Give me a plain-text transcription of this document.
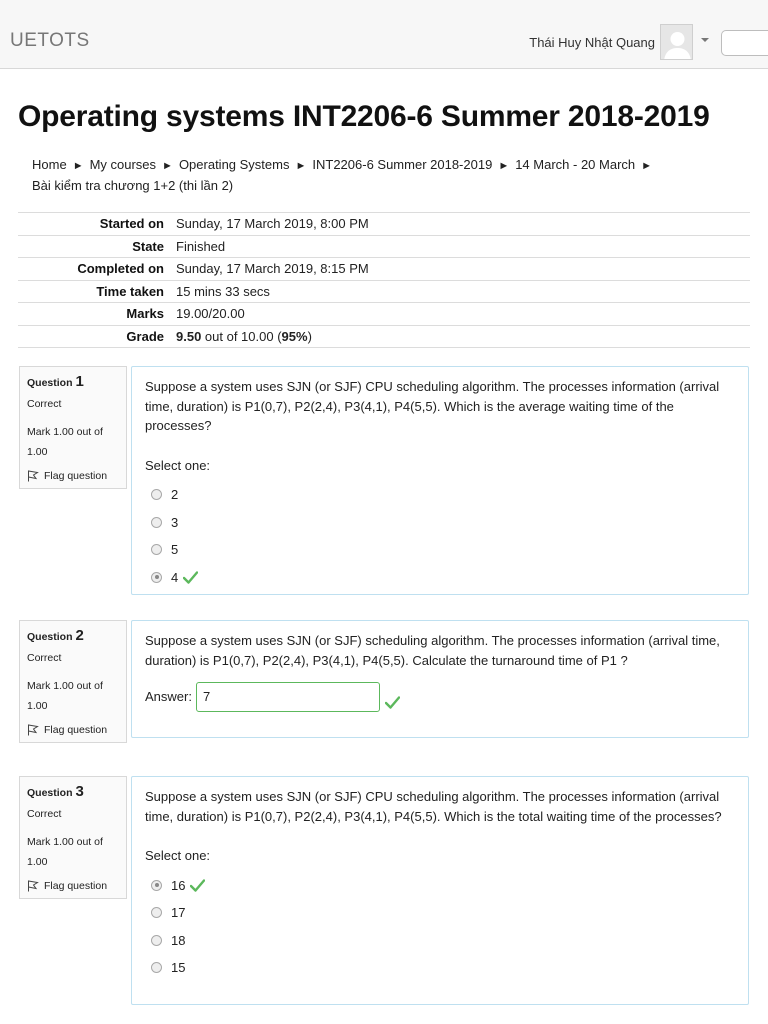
UETOTS	Thái Huy Nhật Quang
Operating systems INT2206-6 Summer 2018-2019
Home ► My courses ► Operating Systems ► INT2206-6 Summer 2018-2019 ► 14 March - 20 March ►
Bài kiểm tra chương 1+2 (thi lần 2)
Started on	Sunday, 17 March 2019, 8:00 PM
State	Finished
Completed on	Sunday, 17 March 2019, 8:15 PM
Time taken	15 mins 33 secs
Marks	19.00/20.00
Grade	9.50 out of 10.00 (95%)
Question 1
Correct
Mark 1.00 out of 1.00
Flag question
Suppose a system uses SJN (or SJF) CPU scheduling algorithm. The processes information (arrival time, duration) is P1(0,7), P2(2,4), P3(4,1), P4(5,5). Which is the average waiting time of the processes?
Select one:
2
3
5
4
Question 2
Correct
Mark 1.00 out of 1.00
Flag question
Suppose a system uses SJN (or SJF) scheduling algorithm. The processes information (arrival time, duration) is P1(0,7), P2(2,4), P3(4,1), P4(5,5). Calculate the turnaround time of P1 ?
Answer: 7
Question 3
Correct
Mark 1.00 out of 1.00
Flag question
Suppose a system uses SJN (or SJF) CPU scheduling algorithm. The processes information (arrival time, duration) is P1(0,7), P2(2,4), P3(4,1), P4(5,5). Which is the total waiting time of the processes?
Select one:
16
17
18
15
